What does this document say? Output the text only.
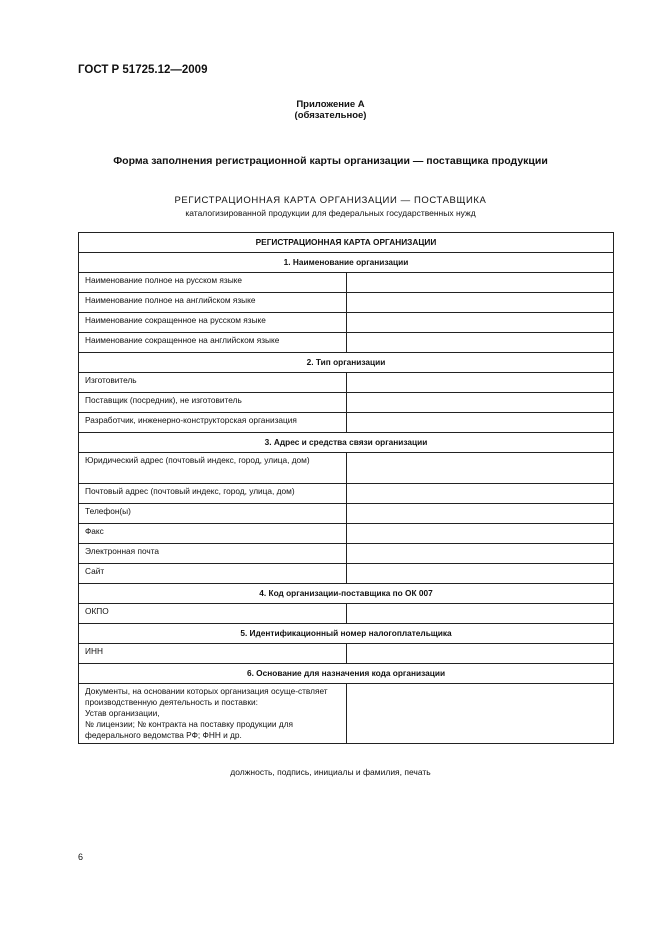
ГОСТ Р 51725.12—2009
Приложение А
(обязательное)
Форма заполнения регистрационной карты организации — поставщика продукции
РЕГИСТРАЦИОННАЯ КАРТА ОРГАНИЗАЦИИ — ПОСТАВЩИКА
каталогизированной продукции для федеральных государственных нужд
РЕГИСТРАЦИОННАЯ КАРТА ОРГАНИЗАЦИИ	
1. Наименование организации	
Наименование полное на русском языке	
Наименование полное на английском языке	
Наименование сокращенное на русском языке	
Наименование сокращенное на английском языке	
2. Тип организации	
Изготовитель	
Поставщик (посредник), не изготовитель	
Разработчик, инженерно-конструкторская организация	
3. Адрес и средства связи организации	
Юридический адрес (почтовый индекс, город, улица, дом)	
Почтовый адрес (почтовый индекс, город, улица, дом)	
Телефон(ы)	
Факс	
Электронная почта	
Сайт	
4. Код организации-поставщика по ОК 007	
ОКПО	
5. Идентификационный номер налогоплательщика	
ИНН	
6. Основание для назначения кода организации	
Документы, на основании которых организация осуще-ствляет производственную деятельность и поставки:
Устав организации,
№ лицензии; № контракта на поставку продукции для федерального ведомства РФ; ФНН и др.	
должность, подпись, инициалы и фамилия, печать
6
